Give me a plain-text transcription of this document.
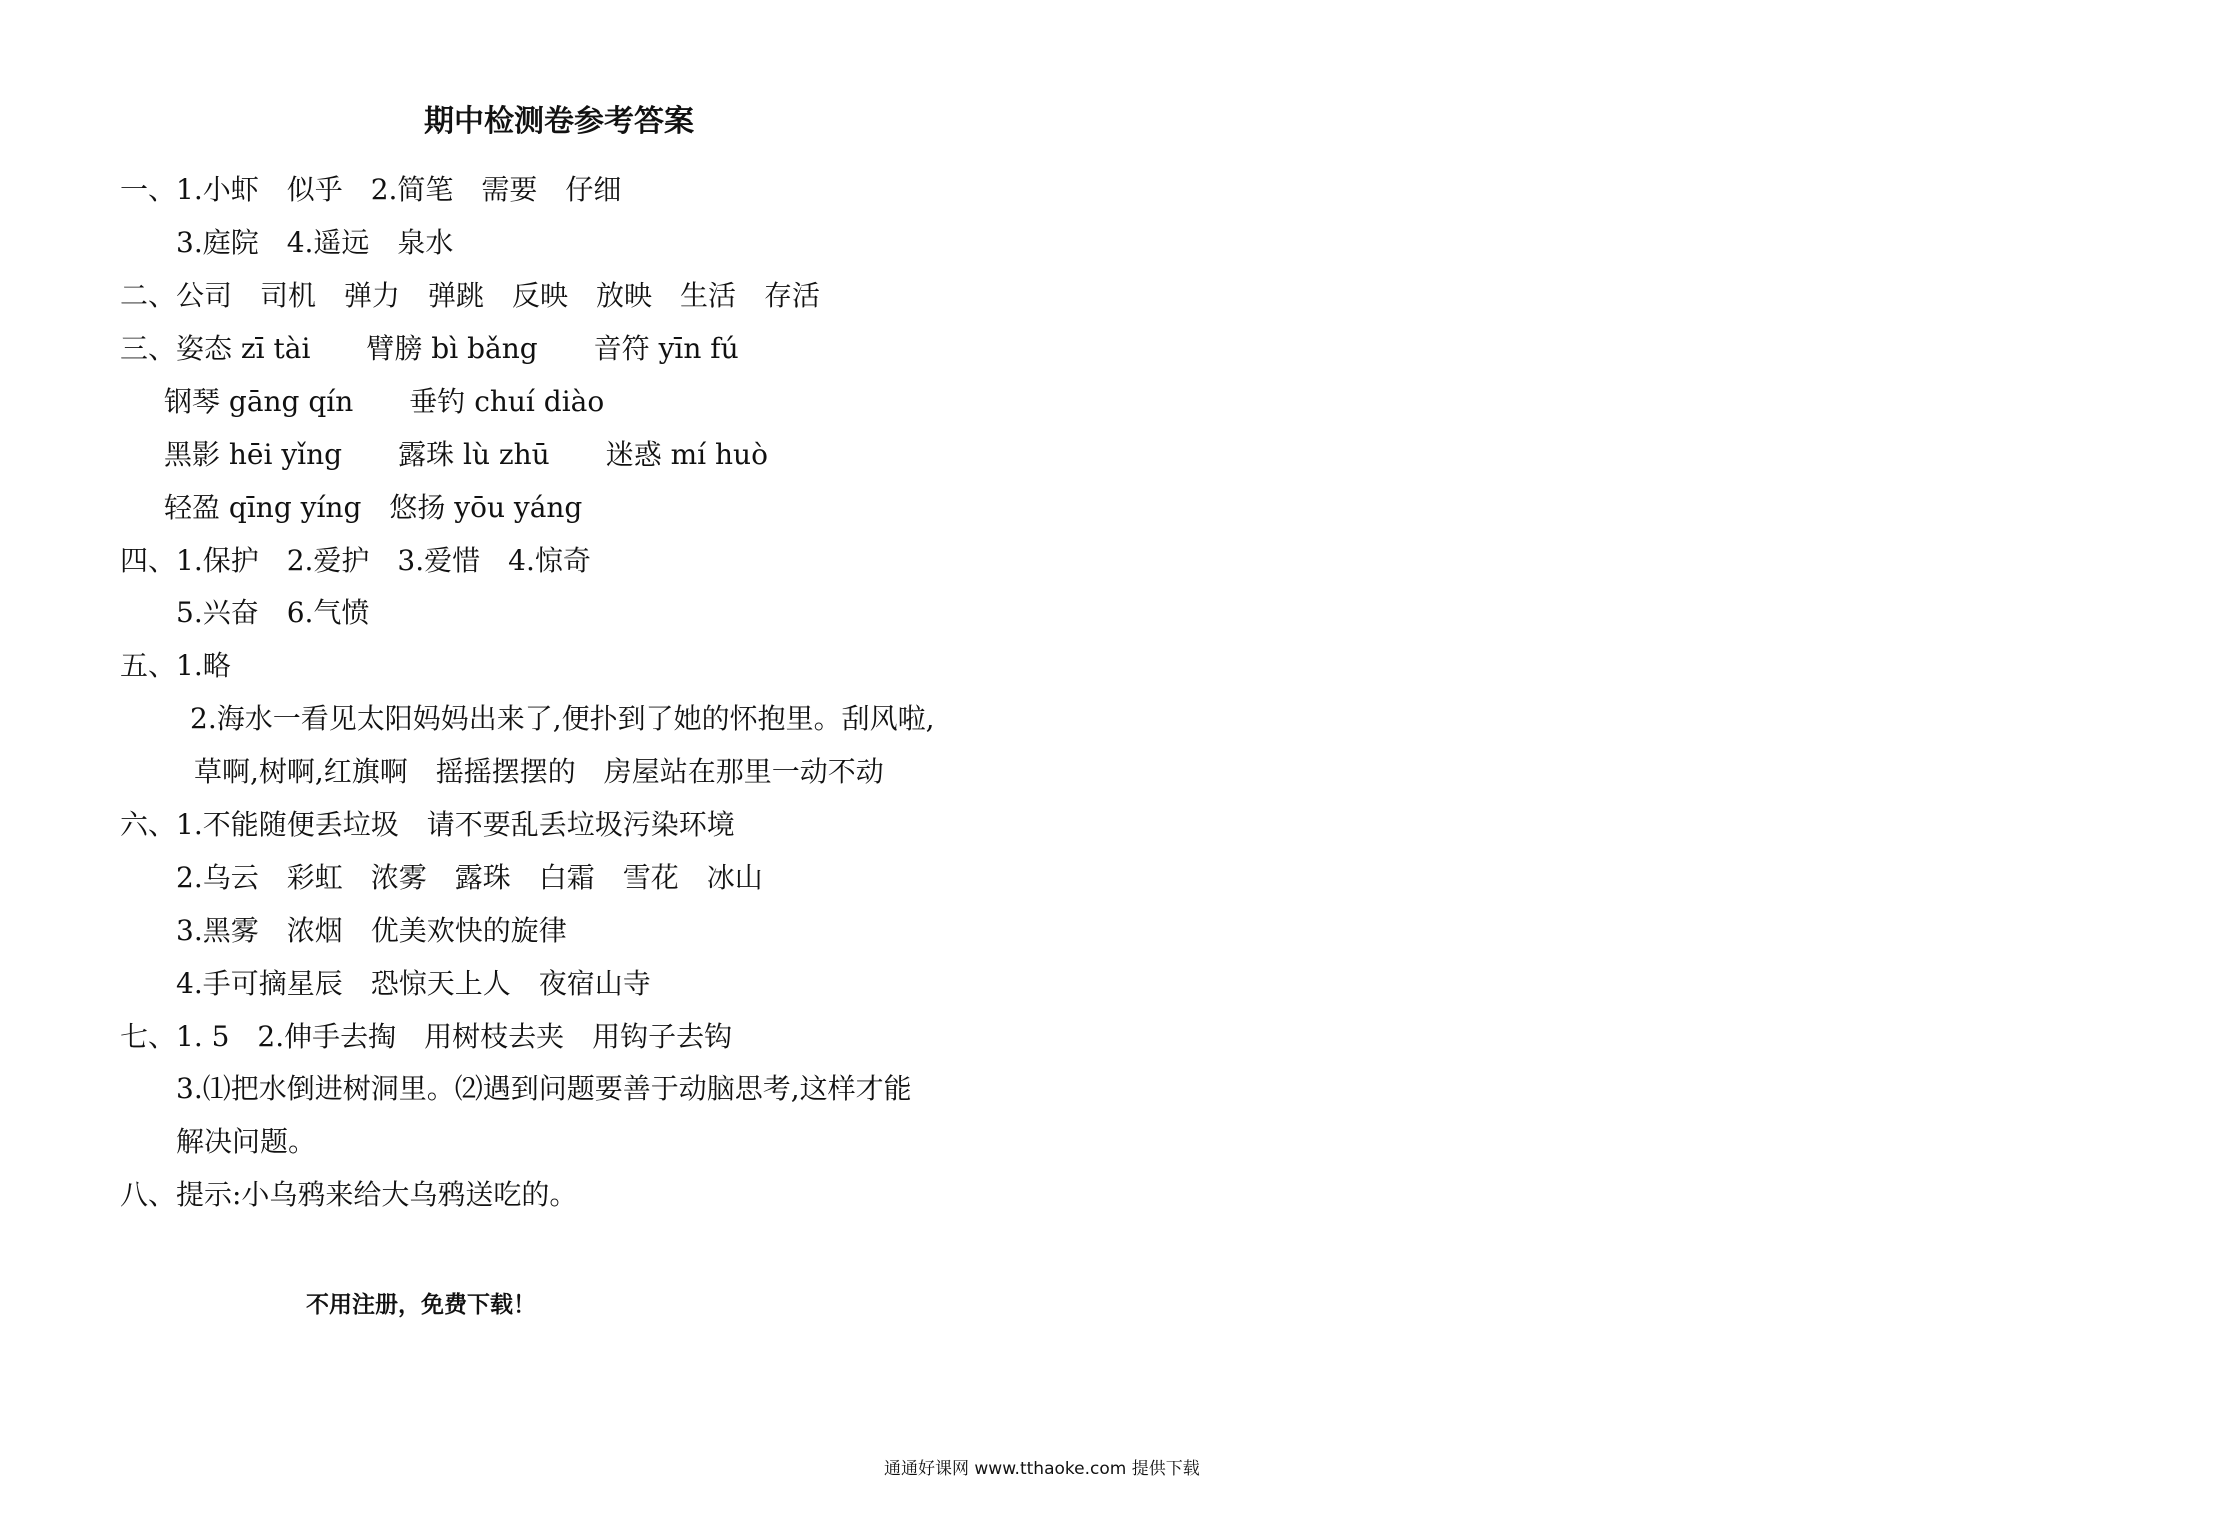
期中检测卷参考答案
一、1.小虾　似乎　2.简笔　需要　仔细
3.庭院　4.遥远　泉水
二、公司　司机　弹力　弹跳　反映　放映　生活　存活
三、姿态 zī tài　　臂膀 bì bǎng　　音符 yīn fú
钢琴 gāng qín　　垂钓 chuí diào
黑影 hēi yǐng　　露珠 lù zhū　　迷惑 mí huò
轻盈 qīng yíng　悠扬 yōu yáng
四、1.保护　2.爱护　3.爱惜　4.惊奇
5.兴奋　6.气愤
五、1.略
2.海水一看见太阳妈妈出来了,便扑到了她的怀抱里。刮风啦,
草啊,树啊,红旗啊　摇摇摆摆的　房屋站在那里一动不动
六、1.不能随便丢垃圾　请不要乱丢垃圾污染环境
2.乌云　彩虹　浓雾　露珠　白霜　雪花　冰山
3.黑雾　浓烟　优美欢快的旋律
4.手可摘星辰　恐惊天上人　夜宿山寺
七、1. 5　2.伸手去掏　用树枝去夹　用钩子去钩
3.⑴把水倒进树洞里。⑵遇到问题要善于动脑思考,这样才能
解决问题。
八、提示:小乌鸦来给大乌鸦送吃的。
不用注册，免费下载！
通通好课网 www.tthaoke.com 提供下载
